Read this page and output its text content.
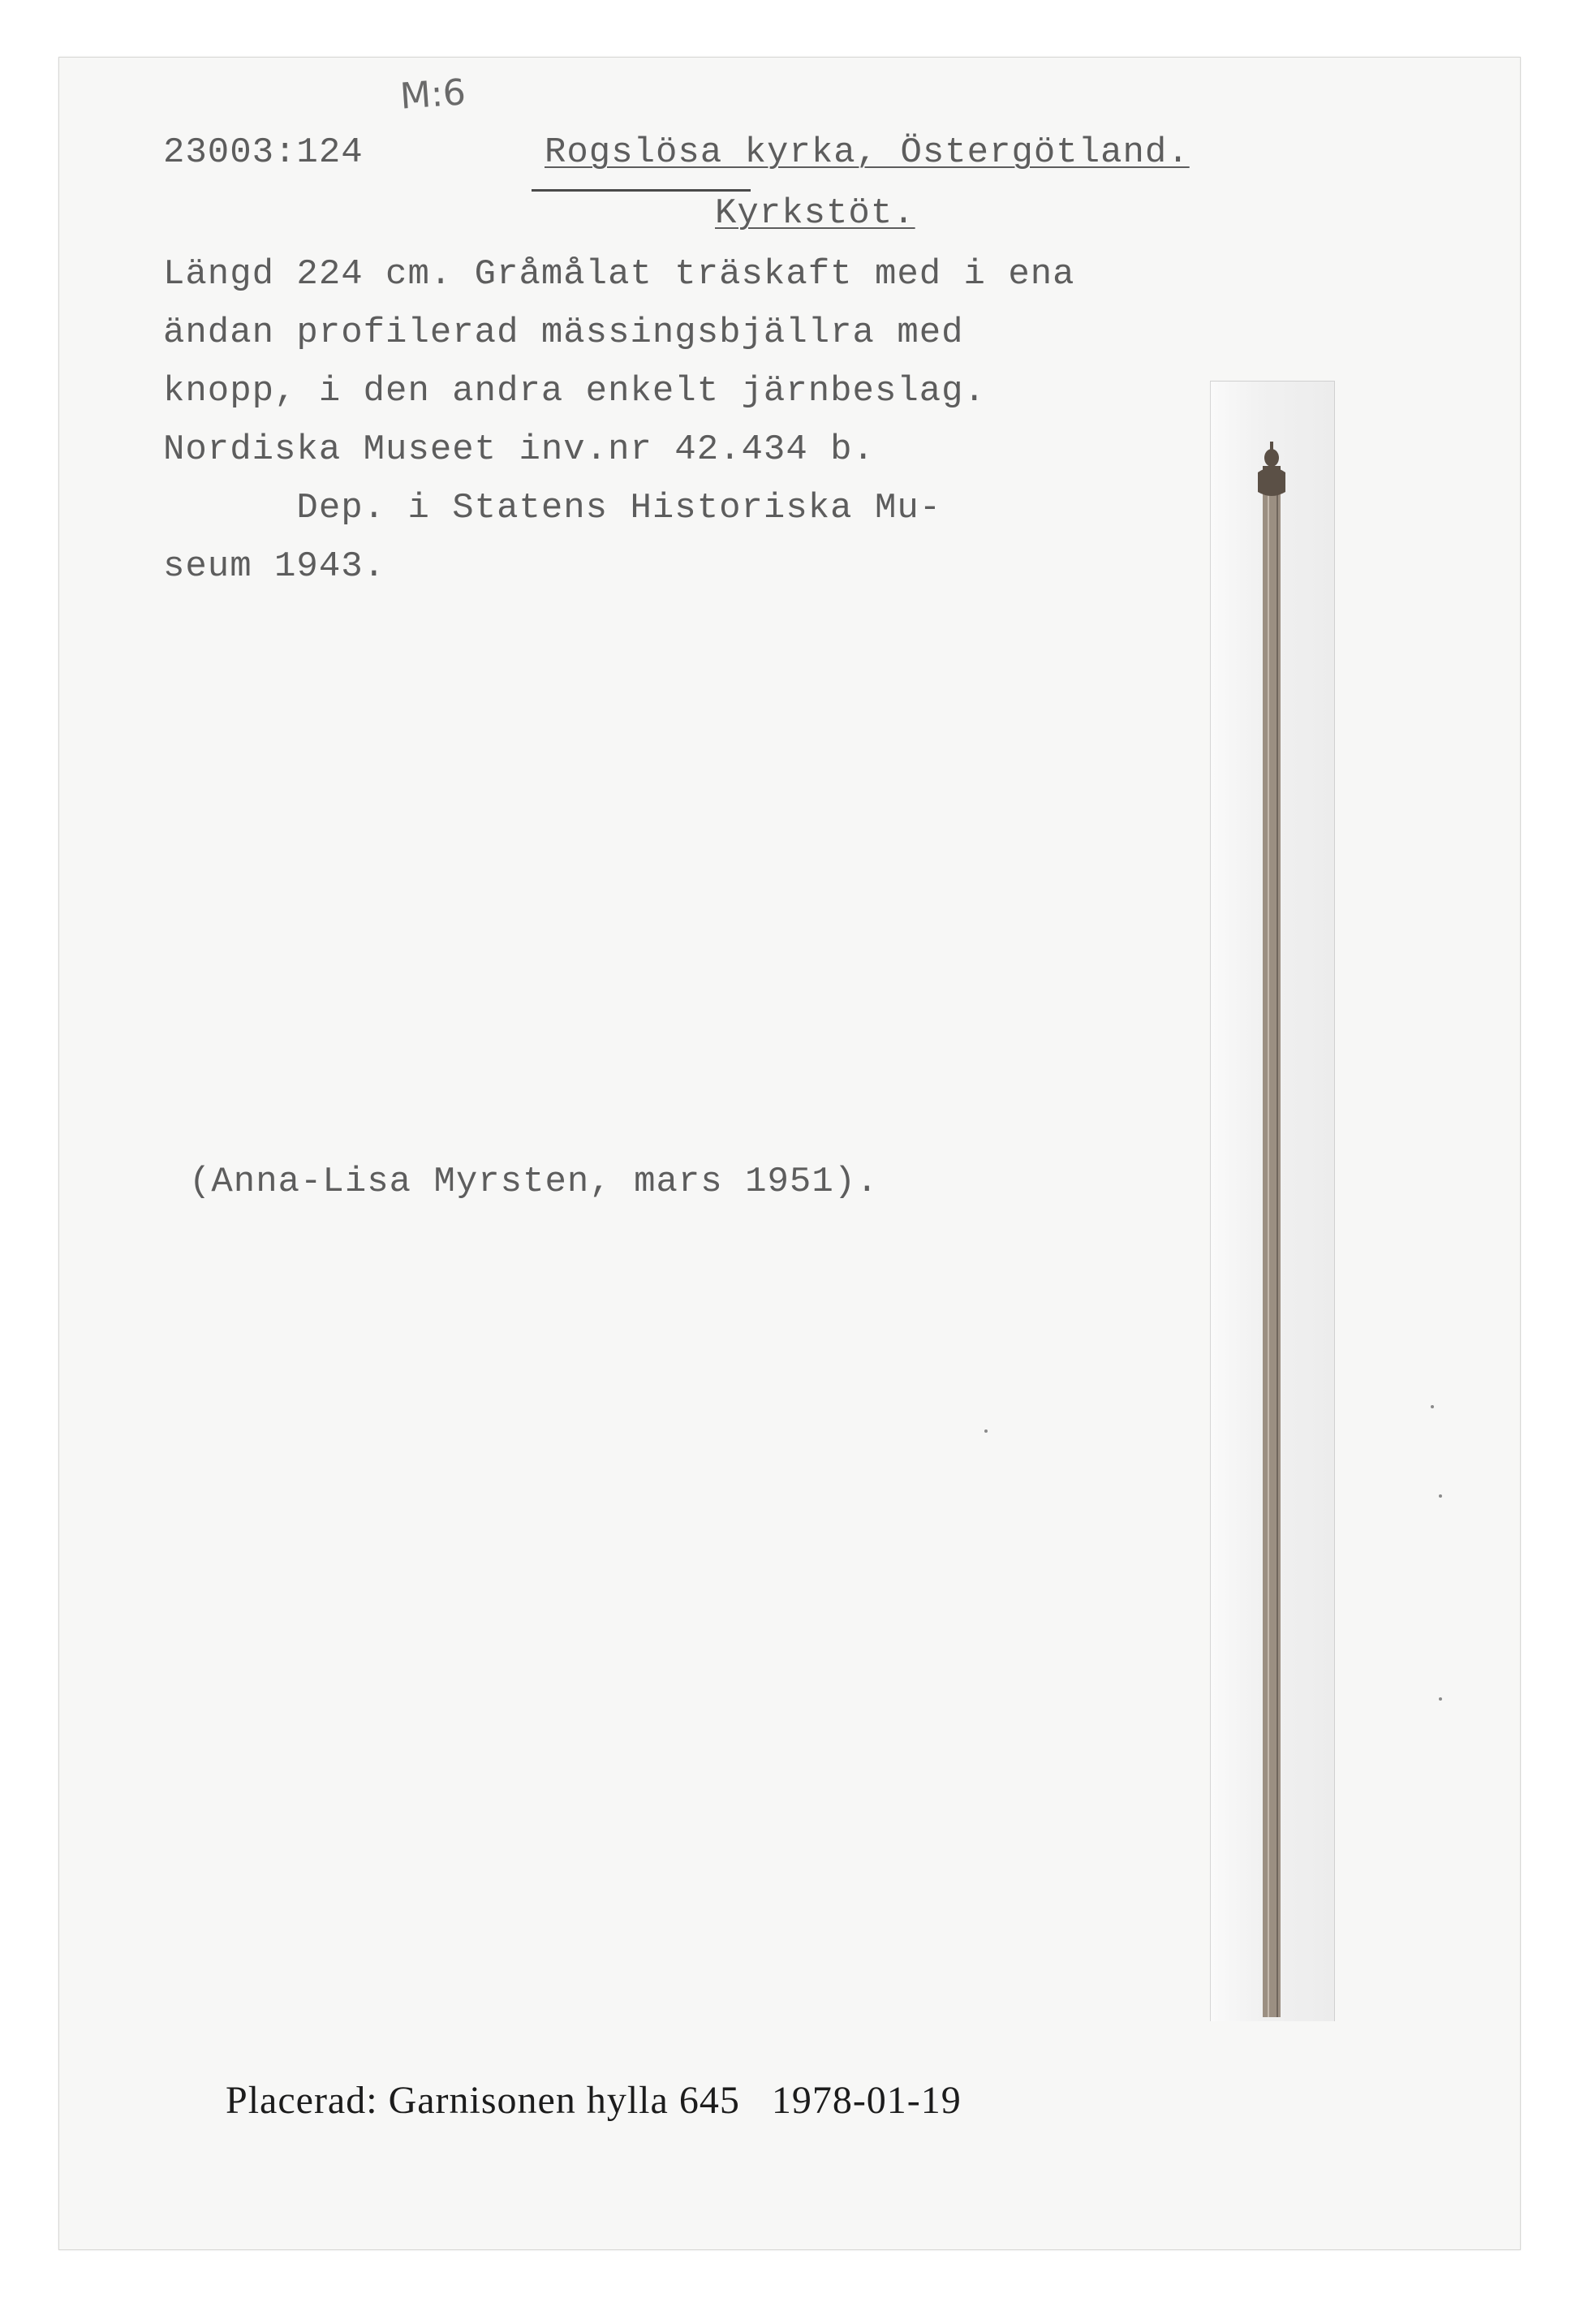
M:6
23003:124	Rogslösa kyrka, Östergötland.
Kyrkstöt.
Längd 224 cm. Gråmålat träskaft med i ena
ändan profilerad mässingsbjällra med
knopp, i den andra enkelt järnbeslag.
Nordiska Museet inv.nr 42.434 b.
Dep. i Statens Historiska Mu-
seum 1943.
(Anna-Lisa Myrsten, mars 1951).
Placerad: Garnisonen hylla 645   1978-01-19
